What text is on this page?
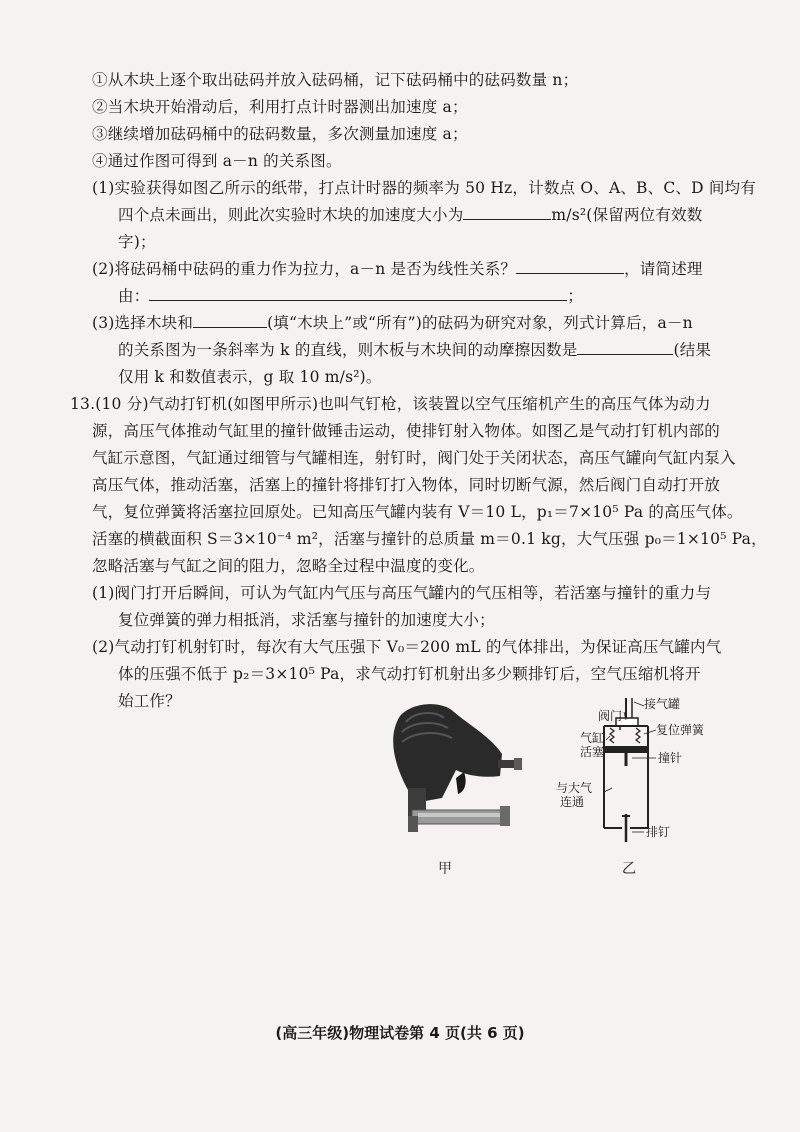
①从木块上逐个取出砝码并放入砝码桶，记下砝码桶中的砝码数量 n；
②当木块开始滑动后，利用打点计时器测出加速度 a；
③继续增加砝码桶中的砝码数量，多次测量加速度 a；
④通过作图可得到 a－n 的关系图。
(1)实验获得如图乙所示的纸带，打点计时器的频率为 50 Hz，计数点 O、A、B、C、D 间均有
四个点未画出，则此次实验时木块的加速度大小为	m/s²(保留两位有效数
字)；
(2)将砝码桶中砝码的重力作为拉力，a－n 是否为线性关系？	，请简述理
由：	；
(3)选择木块和	(填“木块上”或“所有”)的砝码为研究对象，列式计算后，a－n
的关系图为一条斜率为 k 的直线，则木板与木块间的动摩擦因数是	(结果
仅用 k 和数值表示，g 取 10 m/s²)。
13.(10 分)气动打钉机(如图甲所示)也叫气钉枪，该装置以空气压缩机产生的高压气体为动力
源，高压气体推动气缸里的撞针做锤击运动，使排钉射入物体。如图乙是气动打钉机内部的
气缸示意图，气缸通过细管与气罐相连，射钉时，阀门处于关闭状态，高压气罐向气缸内泵入
高压气体，推动活塞，活塞上的撞针将排钉打入物体，同时切断气源，然后阀门自动打开放
气，复位弹簧将活塞拉回原处。已知高压气罐内装有 V＝10 L，p₁＝7×10⁵ Pa 的高压气体。
活塞的横截面积 S＝3×10⁻⁴ m²，活塞与撞针的总质量 m＝0.1 kg，大气压强 p₀＝1×10⁵ Pa，
忽略活塞与气缸之间的阻力，忽略全过程中温度的变化。
(1)阀门打开后瞬间，可认为气缸内气压与高压气罐内的气压相等，若活塞与撞针的重力与
复位弹簧的弹力相抵消，求活塞与撞针的加速度大小；
(2)气动打钉机射钉时，每次有大气压强下 V₀＝200 mL 的气体排出，为保证高压气罐内气
体的压强不低于 p₂＝3×10⁵ Pa，求气动打钉机射出多少颗排钉后，空气压缩机将开
始工作？
阀门
接气罐
气缸
复位弹簧
活塞	撞针
与大气
连通
排钉
甲	乙
(高三年级)物理试卷第 4 页(共 6 页)
